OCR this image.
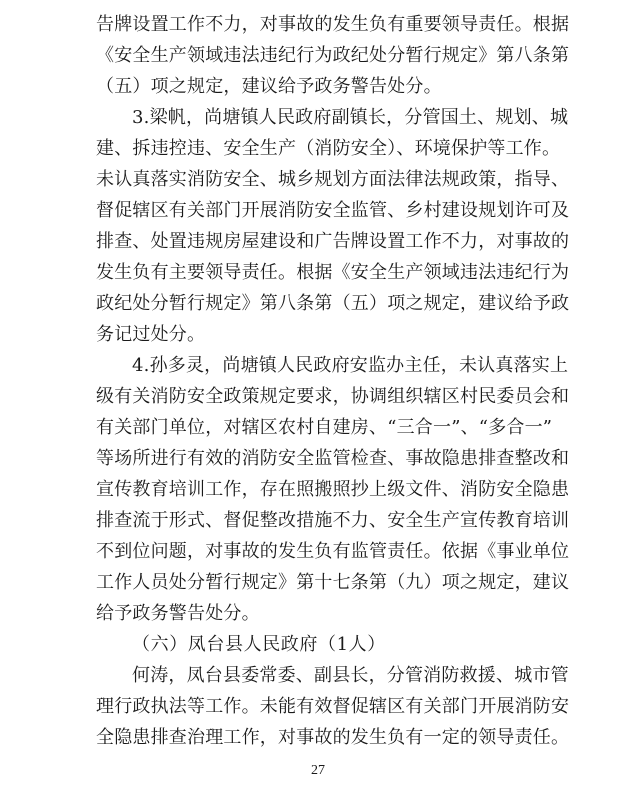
告牌设置工作不力，对事故的发生负有重要领导责任。根据
《安全生产领域违法违纪行为政纪处分暂行规定》第八条第
（五）项之规定，建议给予政务警告处分。
3.梁帆，尚塘镇人民政府副镇长，分管国土、规划、城
建、拆违控违、安全生产（消防安全）、环境保护等工作。
未认真落实消防安全、城乡规划方面法律法规政策，指导、
督促辖区有关部门开展消防安全监管、乡村建设规划许可及
排查、处置违规房屋建设和广告牌设置工作不力，对事故的
发生负有主要领导责任。根据《安全生产领域违法违纪行为
政纪处分暂行规定》第八条第（五）项之规定，建议给予政
务记过处分。
4.孙多灵，尚塘镇人民政府安监办主任，未认真落实上
级有关消防安全政策规定要求，协调组织辖区村民委员会和
有关部门单位，对辖区农村自建房、“三合一”、“多合一”
等场所进行有效的消防安全监管检查、事故隐患排查整改和
宣传教育培训工作，存在照搬照抄上级文件、消防安全隐患
排查流于形式、督促整改措施不力、安全生产宣传教育培训
不到位问题，对事故的发生负有监管责任。依据《事业单位
工作人员处分暂行规定》第十七条第（九）项之规定，建议
给予政务警告处分。
（六）凤台县人民政府（1人）
何涛，凤台县委常委、副县长，分管消防救援、城市管
理行政执法等工作。未能有效督促辖区有关部门开展消防安
全隐患排查治理工作，对事故的发生负有一定的领导责任。
27
